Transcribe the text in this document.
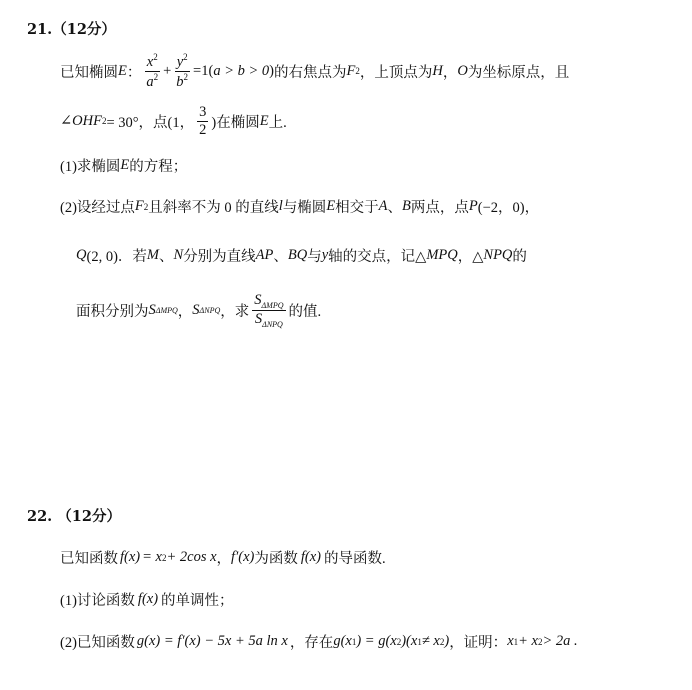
21.（12分）
已知椭圆 E ： $\frac{x^2}{a^2} + \frac{y^2}{b^2} =1$( a > b > 0 ) 的右焦点为 F 2 ，上顶点为 H ， O 为坐标原点，且
∠OHF 2 = 30°，点(1， $\frac{3}{2}$ )在椭圆 E 上.
(1)求椭圆 E 的方程；
(2)设经过点 F 2 且斜率不为 0 的直线 l 与椭圆 E 相交于 A 、 B 两点，点 P (−2，0)，
Q (2, 0)．若 M 、 N 分别为直线 AP 、 BQ 与 y 轴的交点，记△ MPQ ，△ NPQ 的
面积分别为 S ΔMPQ ， S ΔNPQ ，求 $\frac{S_{\Delta MPQ}}{S_{\Delta NPQ}}$ 的值.
22. （12分）
已知函数 f(x) = x 2 + 2cos x ， f′(x) 为函数 f(x) 的导函数.
(1)讨论函数 f(x) 的单调性；
(2)已知函数 g(x) = f′(x) − 5x + 5a ln x ，存在 g(x 1 ) = g(x 2 )(x 1 ≠ x 2 ) ，证明： x 1 + x 2 > 2a .
